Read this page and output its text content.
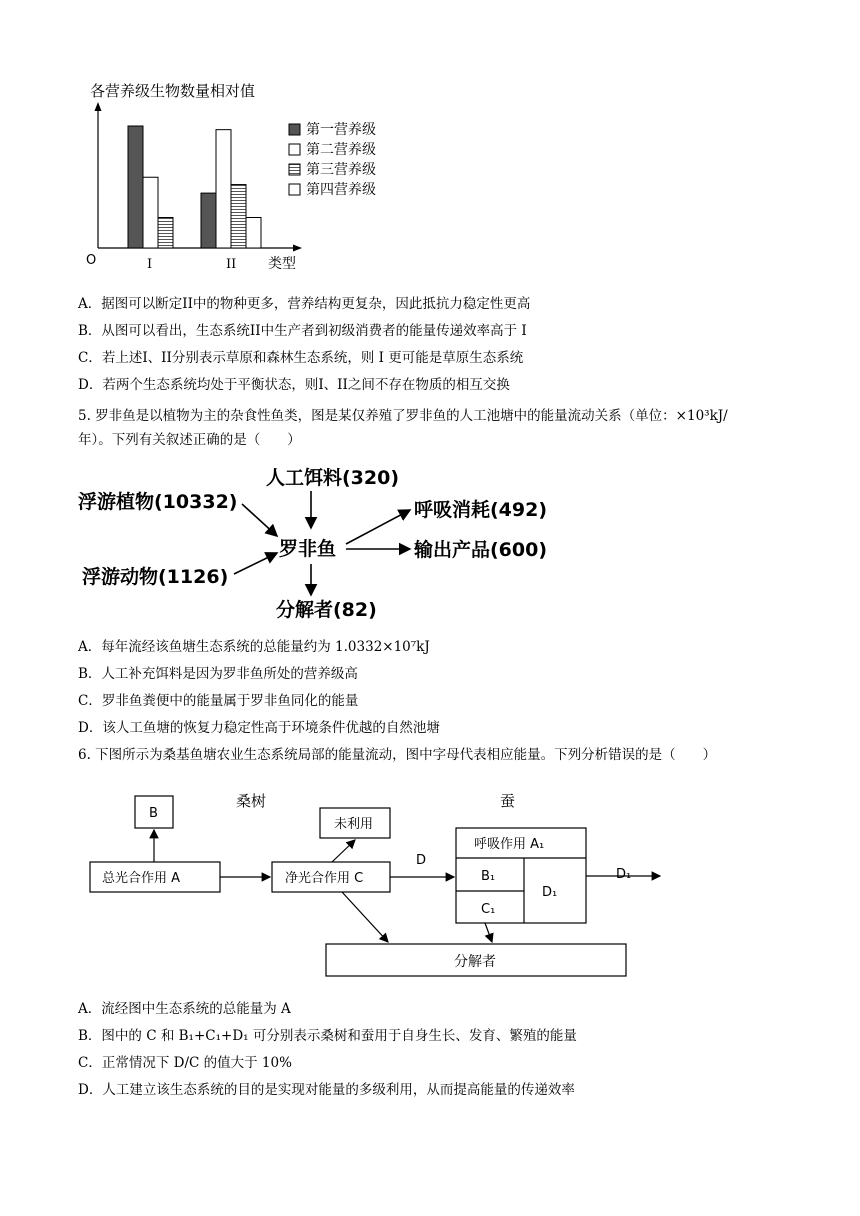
各营养级生物数量相对值
O	类型
I	II
第一营养级
第二营养级
第三营养级
第四营养级
A．据图可以断定II中的物种更多，营养结构更复杂，因此抵抗力稳定性更高
B．从图可以看出，生态系统II中生产者到初级消费者的能量传递效率高于 I
C．若上述I、II分别表示草原和森林生态系统，则 I 更可能是草原生态系统
D．若两个生态系统均处于平衡状态，则I、II之间不存在物质的相互交换
5. 罗非鱼是以植物为主的杂食性鱼类，图是某仅养殖了罗非鱼的人工池塘中的能量流动关系（单位：×10³kJ/
年）。下列有关叙述正确的是（　　）
人工饵料(320)
浮游植物(10332)
浮游动物(1126)
罗非鱼
呼吸消耗(492)
输出产品(600)
分解者(82)
A．每年流经该鱼塘生态系统的总能量约为 1.0332×10⁷kJ
B．人工补充饵料是因为罗非鱼所处的营养级高
C．罗非鱼粪便中的能量属于罗非鱼同化的能量
D．该人工鱼塘的恢复力稳定性高于环境条件优越的自然池塘
6. 下图所示为桑基鱼塘农业生态系统局部的能量流动，图中字母代表相应能量。下列分析错误的是（　　）
桑树	蚕
B
总光合作用 A	净光合作用 C
未利用
D
呼吸作用 A₁
B₁
C₁
D₁
D₁
分解者
A．流经图中生态系统的总能量为 A
B．图中的 C 和 B₁+C₁+D₁ 可分别表示桑树和蚕用于自身生长、发育、繁殖的能量
C．正常情况下 D/C 的值大于 10%
D．人工建立该生态系统的目的是实现对能量的多级利用，从而提高能量的传递效率
